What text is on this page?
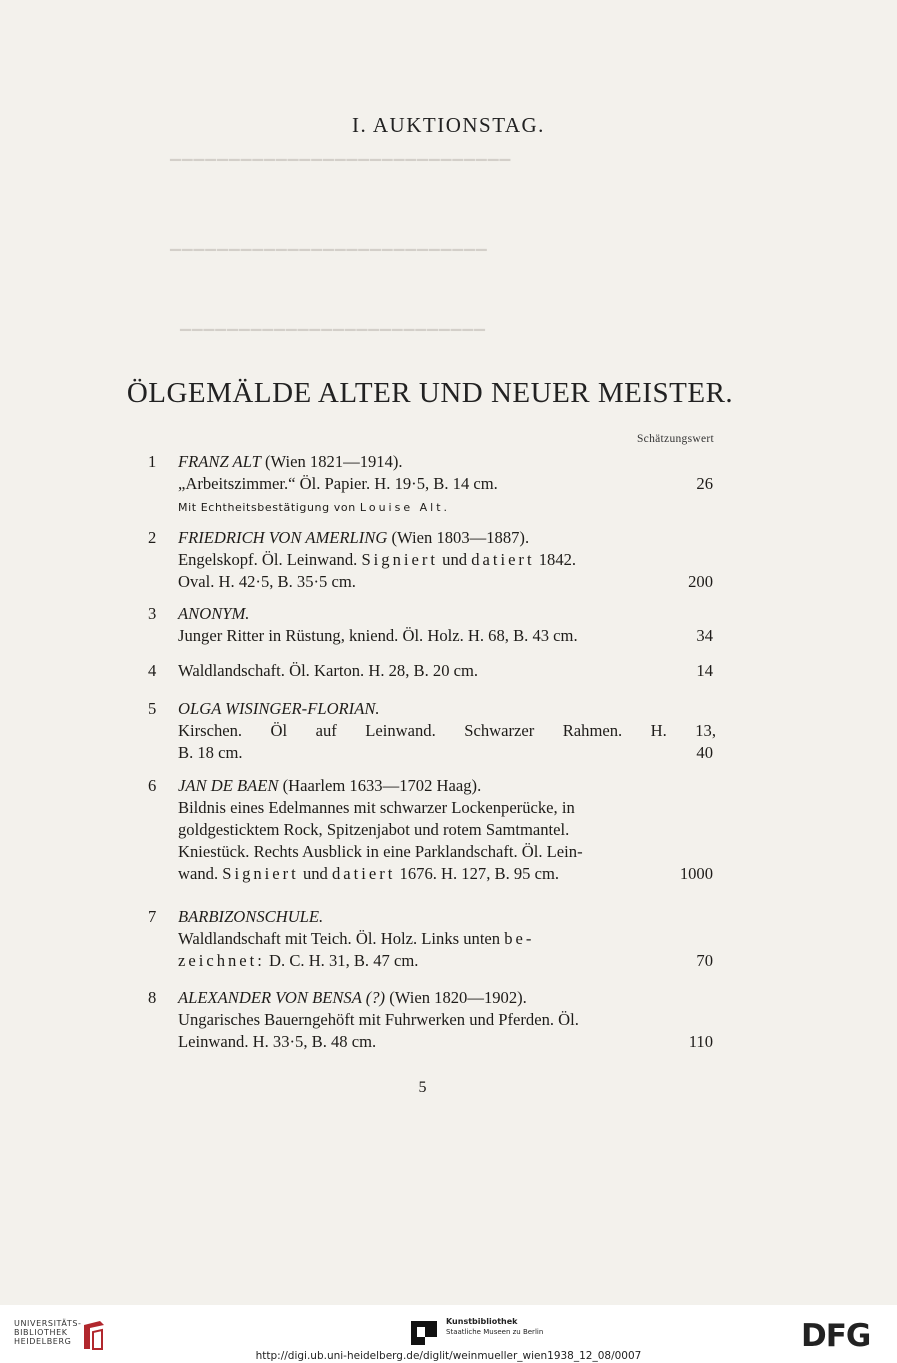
▔▔▔▔▔▔▔▔▔▔▔▔▔▔▔▔▔▔▔▔▔▔▔▔▔▔▔▔▔
▔▔▔▔▔▔▔▔▔▔▔▔▔▔▔▔▔▔▔▔▔▔▔▔▔▔▔
▔▔▔▔▔▔▔▔▔▔▔▔▔▔▔▔▔▔▔▔▔▔▔▔▔▔
I. AUKTIONSTAG.
ÖLGEMÄLDE ALTER UND NEUER MEISTER.
Schätzungswert
1	FRANZ ALT (Wien 1821—1914).
„Arbeitszimmer.“ Öl. Papier. H. 19·5, B. 14 cm.	26
Mit Echtheitsbestätigung von Louise Alt.
2	FRIEDRICH VON AMERLING (Wien 1803—1887).
Engelskopf. Öl. Leinwand. Signiert und datiert 1842.
Oval. H. 42·5, B. 35·5 cm.	200
3	ANONYM.
Junger Ritter in Rüstung, kniend. Öl. Holz. H. 68, B. 43 cm.	34
4	Waldlandschaft. Öl. Karton. H. 28, B. 20 cm.	14
5	OLGA WISINGER-FLORIAN.
Kirschen. Öl auf Leinwand. Schwarzer Rahmen. H. 13,
B. 18 cm.	40
6	JAN DE BAEN (Haarlem 1633—1702 Haag).
Bildnis eines Edelmannes mit schwarzer Lockenperücke, in
goldgesticktem Rock, Spitzenjabot und rotem Samtmantel.
Kniestück. Rechts Ausblick in eine Parklandschaft. Öl. Lein-
wand. Signiert und datiert 1676. H. 127, B. 95 cm.	1000
7	BARBIZONSCHULE.
Waldlandschaft mit Teich. Öl. Holz. Links unten be-
zeichnet: D. C. H. 31, B. 47 cm.	70
8	ALEXANDER VON BENSA (?) (Wien 1820—1902).
Ungarisches Bauerngehöft mit Fuhrwerken und Pferden. Öl.
Leinwand. H. 33·5, B. 48 cm.	110
5
UNIVERSITÄTS-
BIBLIOTHEK
HEIDELBERG
Kunstbibliothek
Staatliche Museen zu Berlin	DFG
http://digi.ub.uni-heidelberg.de/diglit/weinmueller_wien1938_12_08/0007
